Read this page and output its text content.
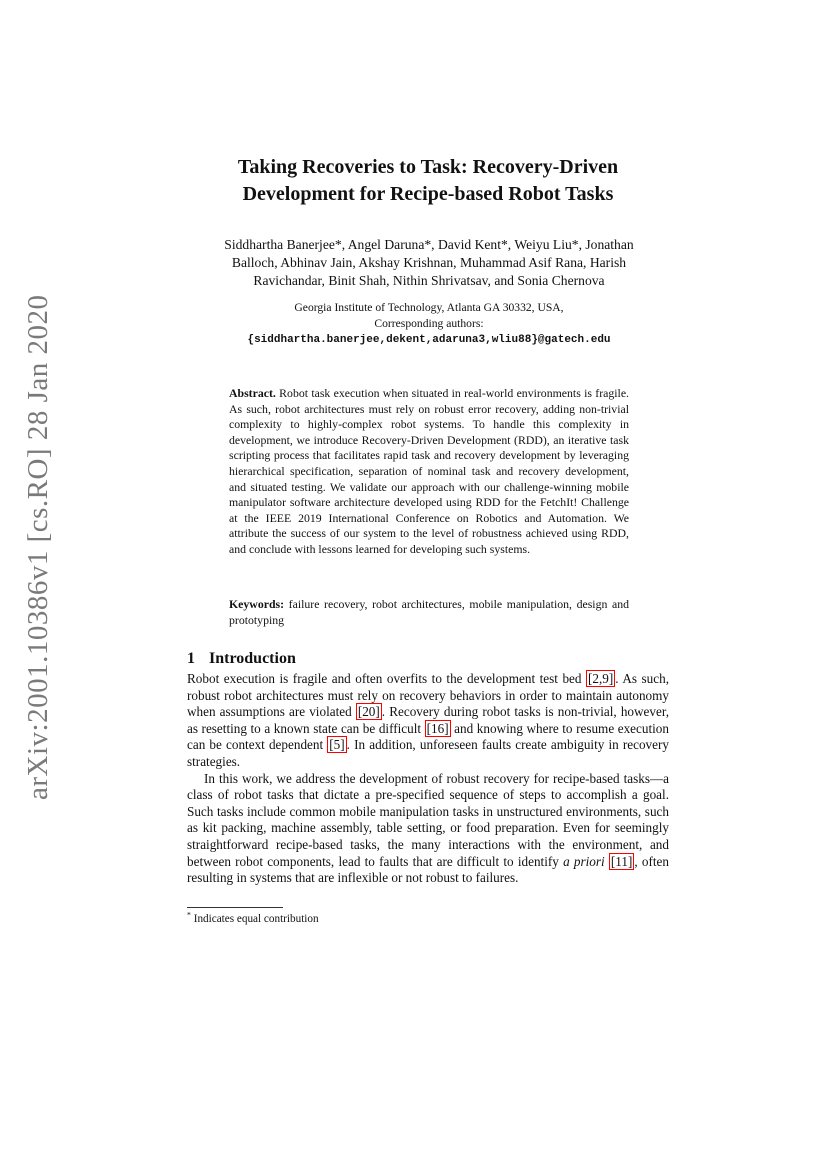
arXiv:2001.10386v1 [cs.RO] 28 Jan 2020
Taking Recoveries to Task: Recovery-Driven
Development for Recipe-based Robot Tasks
Siddhartha Banerjee*, Angel Daruna*, David Kent*, Weiyu Liu*, Jonathan
Balloch, Abhinav Jain, Akshay Krishnan, Muhammad Asif Rana, Harish
Ravichandar, Binit Shah, Nithin Shrivatsav, and Sonia Chernova
Georgia Institute of Technology, Atlanta GA 30332, USA,
Corresponding authors:
{siddhartha.banerjee,dekent,adaruna3,wliu88}@gatech.edu
Abstract. Robot task execution when situated in real-world environments is fragile. As such, robot architectures must rely on robust error recovery, adding non-trivial complexity to highly-complex robot systems. To handle this complexity in development, we introduce Recovery-Driven Development (RDD), an iterative task scripting process that facilitates rapid task and recovery development by leveraging hierarchical specification, separation of nominal task and recovery development, and situated testing. We validate our approach with our challenge-winning mobile manipulator software architecture developed using RDD for the FetchIt! Challenge at the IEEE 2019 International Conference on Robotics and Automation. We attribute the success of our system to the level of robustness achieved using RDD, and conclude with lessons learned for developing such systems.
Keywords: failure recovery, robot architectures, mobile manipulation, design and prototyping
1 Introduction

Robot execution is fragile and often overfits to the development test bed [2,9] . As such, robust robot architectures must rely on recovery behaviors in order to maintain autonomy when assumptions are violated [20] . Recovery during robot tasks is non-trivial, however, as resetting to a known state can be difficult [16] and knowing where to resume execution can be context dependent [5] . In addition, unforeseen faults create ambiguity in recovery strategies.

In this work, we address the development of robust recovery for recipe-based tasks—a class of robot tasks that dictate a pre-specified sequence of steps to accomplish a goal. Such tasks include common mobile manipulation tasks in unstructured environments, such as kit packing, machine assembly, table setting, or food preparation. Even for seemingly straightforward recipe-based tasks, the many interactions with the environment, and between robot components, lead to faults that are difficult to identify a priori [11] , often resulting in systems that are inflexible or not robust to failures.

* Indicates equal contribution
